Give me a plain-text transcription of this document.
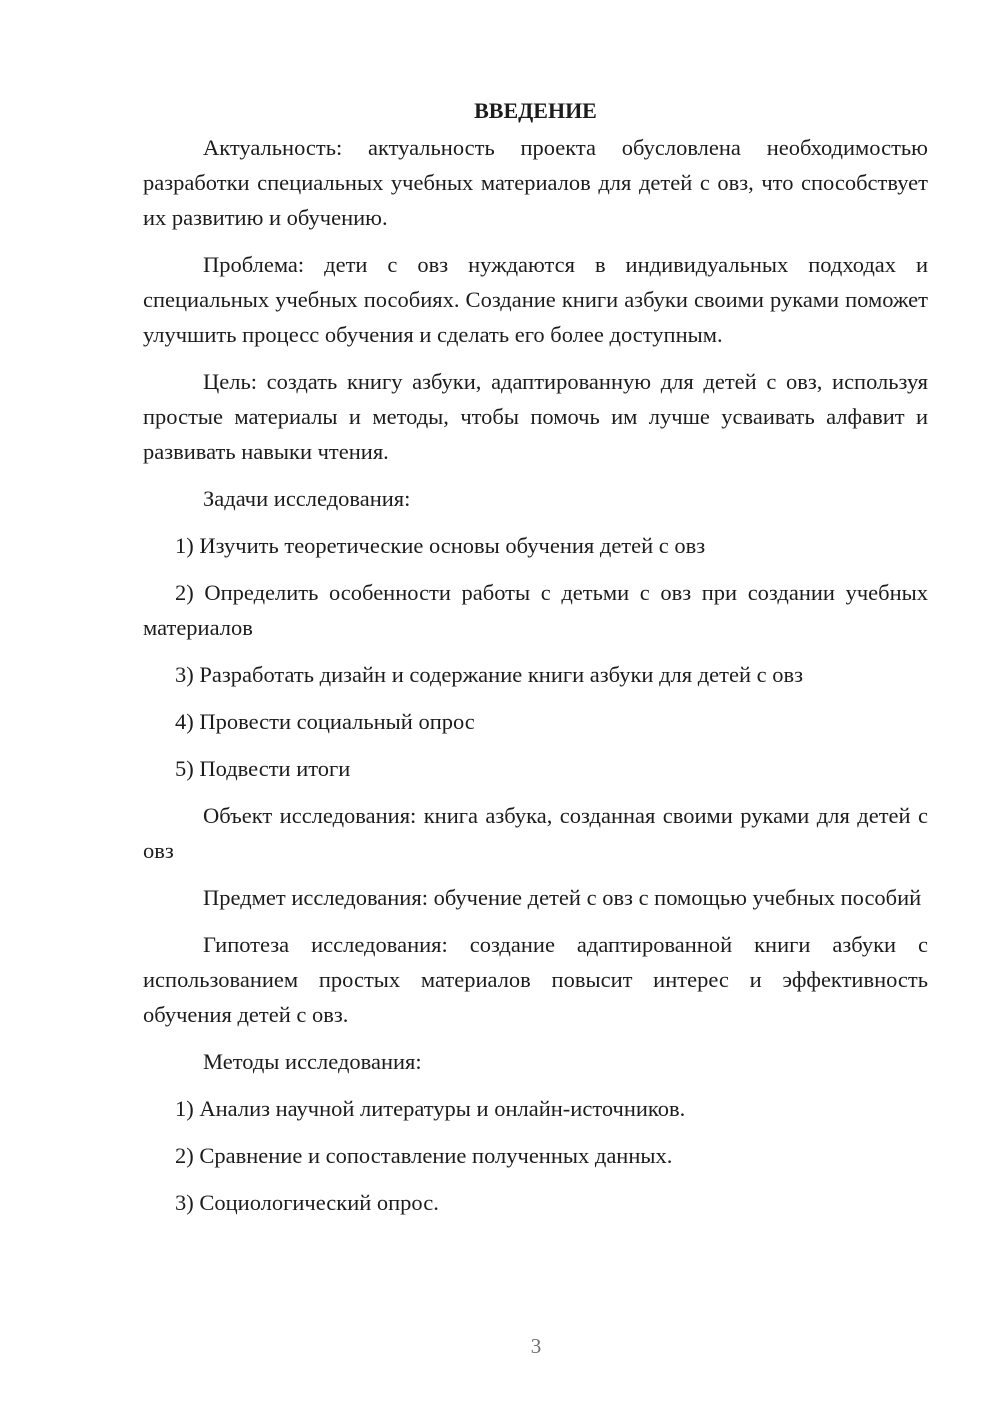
ВВЕДЕНИЕ

Актуальность: актуальность проекта обусловлена необходимостью разработки специальных учебных материалов для детей с овз, что способствует их развитию и обучению.

Проблема: дети с овз нуждаются в индивидуальных подходах и специальных учебных пособиях. Создание книги азбуки своими руками поможет улучшить процесс обучения и сделать его более доступным.

Цель: создать книгу азбуки, адаптированную для детей с овз, используя простые материалы и методы, чтобы помочь им лучше усваивать алфавит и развивать навыки чтения.

Задачи исследования:

1) Изучить теоретические основы обучения детей с овз

2) Определить особенности работы с детьми с овз при создании учебных материалов

3) Разработать дизайн и содержание книги азбуки для детей с овз

4) Провести социальный опрос

5) Подвести итоги

Объект исследования: книга азбука, созданная своими руками для детей с овз

Предмет исследования: обучение детей с овз с помощью учебных пособий

Гипотеза исследования: создание адаптированной книги азбуки с использованием простых материалов повысит интерес и эффективность обучения детей с овз.

Методы исследования:

1) Анализ научной литературы и онлайн-источников.

2) Сравнение и сопоставление полученных данных.

3) Социологический опрос.

3
